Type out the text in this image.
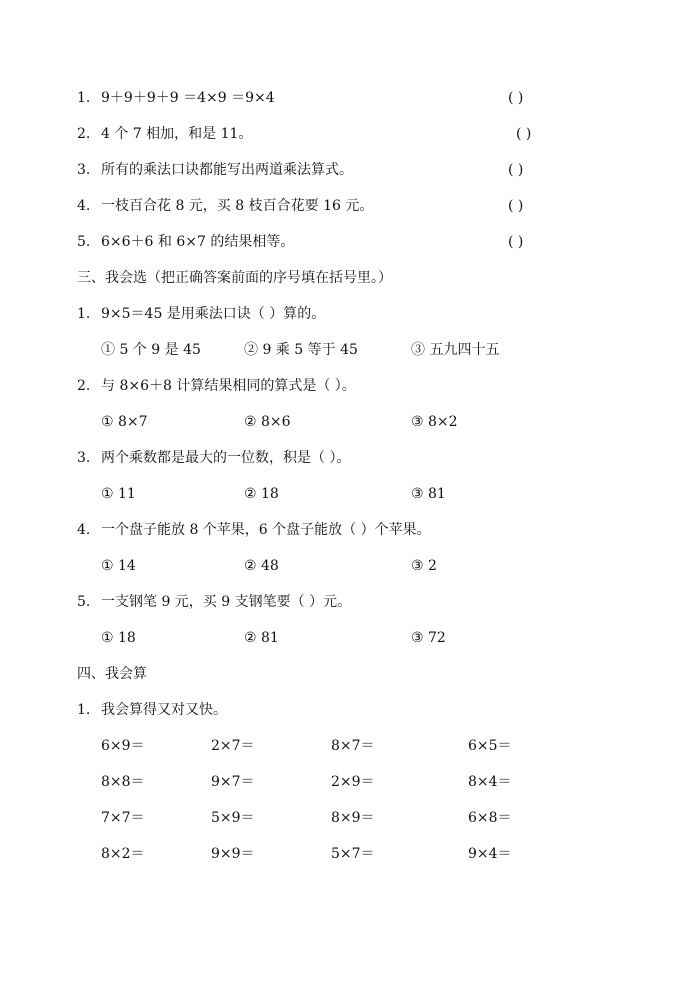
1. 9＋9＋9＋9 ＝4×9 ＝9×4	( )
2. 4 个 7 相加，和是 11。	( )
3. 所有的乘法口诀都能写出两道乘法算式。	( )
4. 一枝百合花 8 元，买 8 枝百合花要 16 元。	( )
5. 6×6＋6 和 6×7 的结果相等。	( )
三、我会选（把正确答案前面的序号填在括号里。）
1. 9×5＝45 是用乘法口诀（ ）算的。
① 5 个 9 是 45	② 9 乘 5 等于 45	③ 五九四十五
2. 与 8×6＋8 计算结果相同的算式是（ ）。
① 8×7	② 8×6	③ 8×2
3. 两个乘数都是最大的一位数，积是（ ）。
① 11	② 18	③ 81
4. 一个盘子能放 8 个苹果，6 个盘子能放（ ）个苹果。
① 14	② 48	③ 2
5. 一支钢笔 9 元，买 9 支钢笔要（ ）元。
① 18	② 81	③ 72
四、我会算
1. 我会算得又对又快。
6×9＝	2×7＝	8×7＝	6×5＝
8×8＝	9×7＝	2×9＝	8×4＝
7×7＝	5×9＝	8×9＝	6×8＝
8×2＝	9×9＝	5×7＝	9×4＝
